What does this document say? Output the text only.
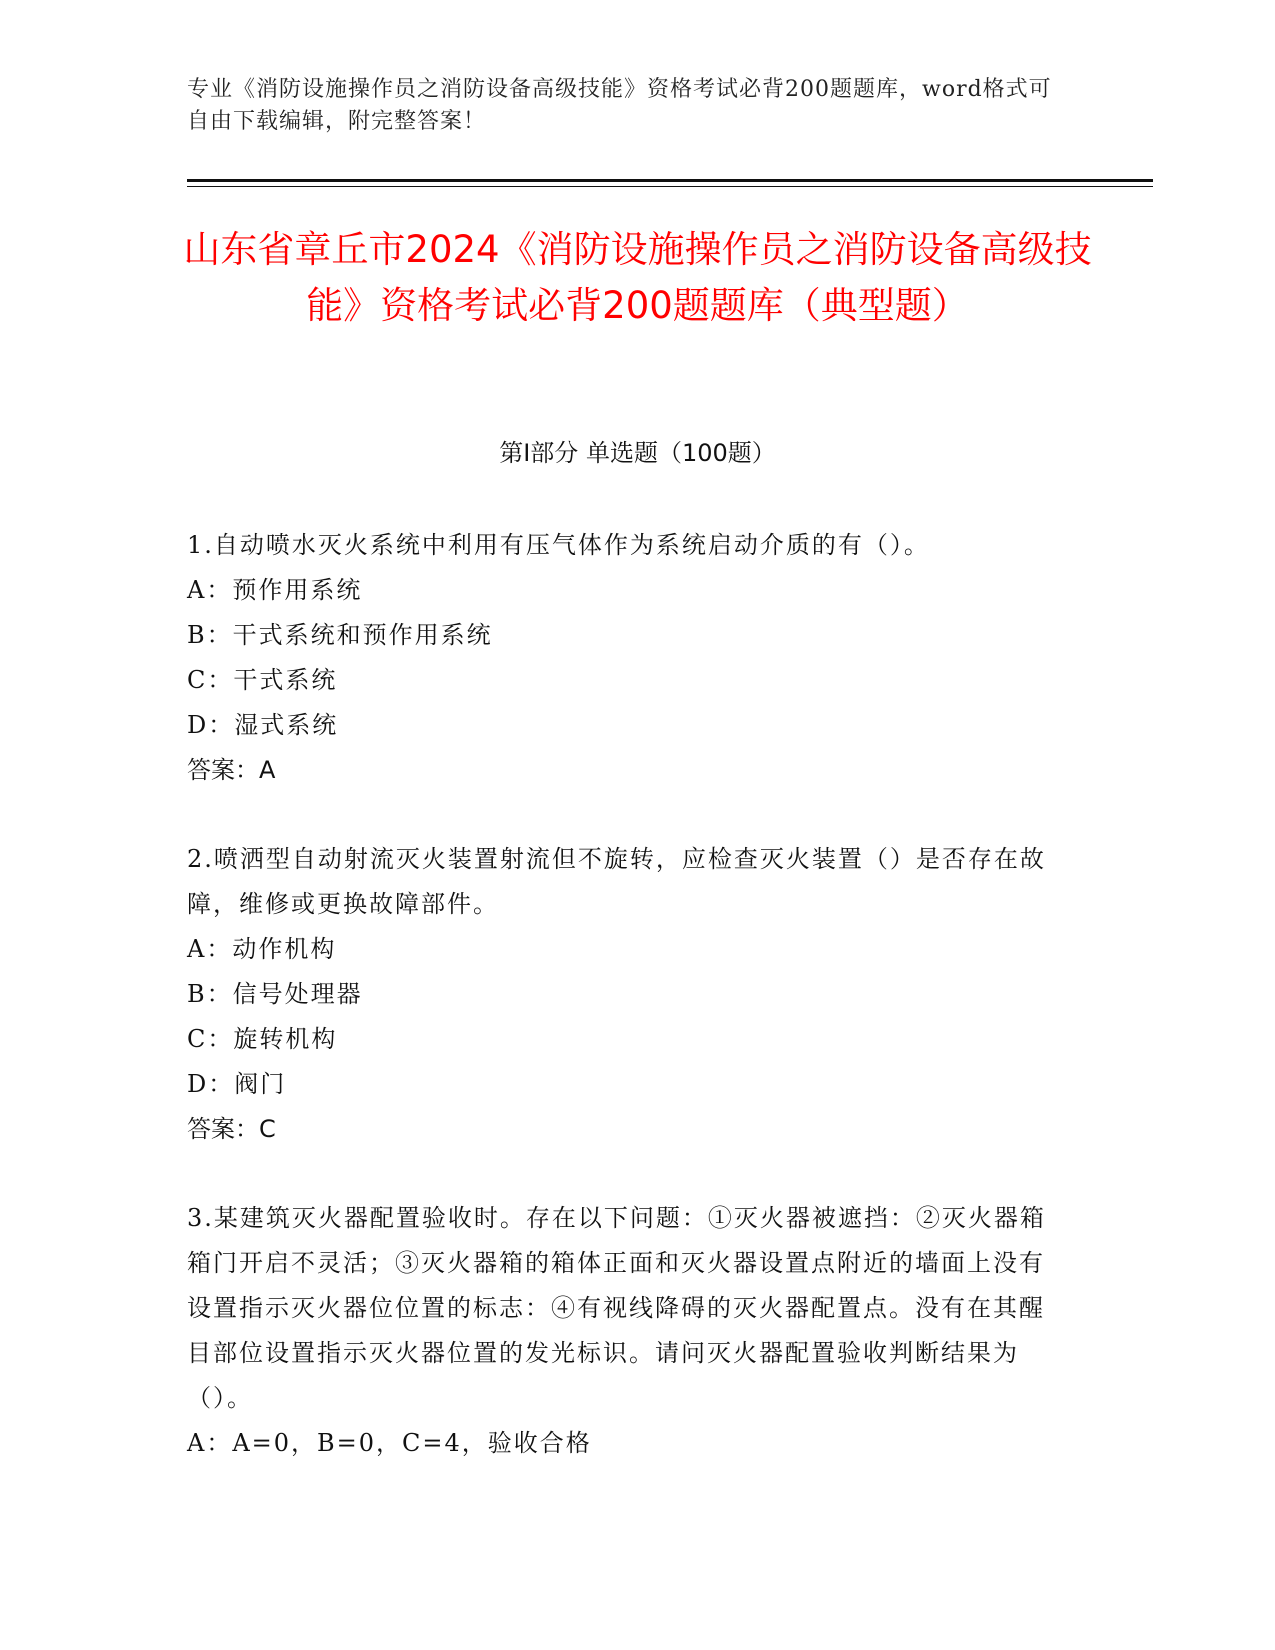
专业《消防设施操作员之消防设备高级技能》资格考试必背200题题库，word格式可自由下载编辑，附完整答案！
山东省章丘市2024《消防设施操作员之消防设备高级技能》资格考试必背200题题库（典型题）
第Ⅰ部分 单选题（100题）

1.自动喷水灭火系统中利用有压气体作为系统启动介质的有（）。

A：预作用系统

B：干式系统和预作用系统

C：干式系统

D：湿式系统

答案：A

2.喷洒型自动射流灭火装置射流但不旋转，应检查灭火装置（）是否存在故障，维修或更换故障部件。

A：动作机构

B：信号处理器

C：旋转机构

D：阀门

答案：C

3.某建筑灭火器配置验收时。存在以下问题：①灭火器被遮挡：②灭火器箱箱门开启不灵活；③灭火器箱的箱体正面和灭火器设置点附近的墙面上没有设置指示灭火器位位置的标志：④有视线降碍的灭火器配置点。没有在其醒目部位设置指示灭火器位置的发光标识。请问灭火器配置验收判断结果为（）。

A：A=0，B=0，C=4，验收合格
